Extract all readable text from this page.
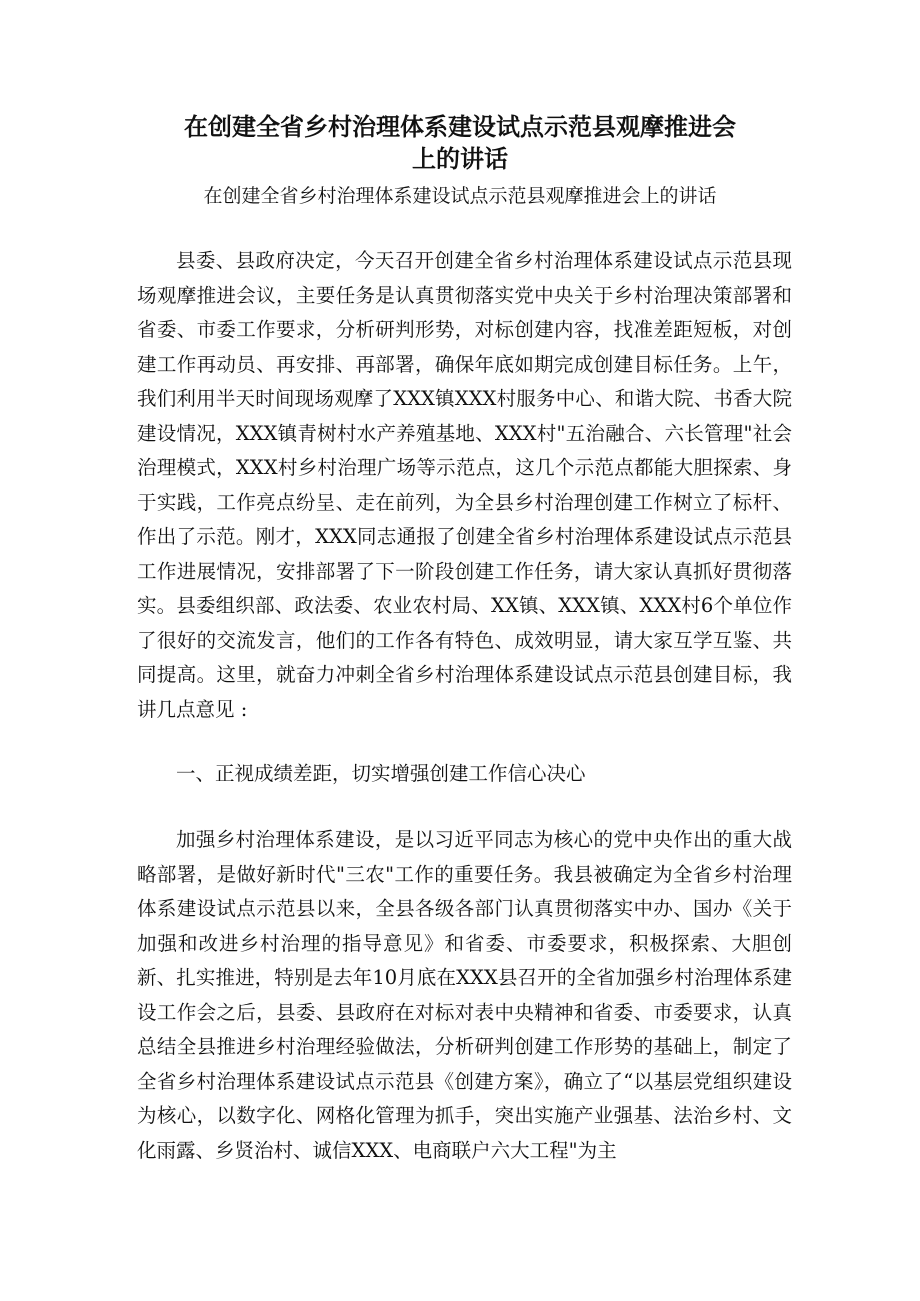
在创建全省乡村治理体系建设试点示范县观摩推进会
上的讲话

在创建全省乡村治理体系建设试点示范县观摩推进会上的讲话

县委、县政府决定，今天召开创建全省乡村治理体系建设试点示范县现场观摩推进会议，主要任务是认真贯彻落实党中央关于乡村治理决策部署和省委、市委工作要求，分析研判形势，对标创建内容，找准差距短板，对创建工作再动员、再安排、再部署，确保年底如期完成创建目标任务。上午，我们利用半天时间现场观摩了XXX镇XXX村服务中心、和谐大院、书香大院建设情况，XXX镇青树村水产养殖基地、XXX村"五治融合、六长管理"社会治理模式，XXX村乡村治理广场等示范点，这几个示范点都能大胆探索、身于实践，工作亮点纷呈、走在前列，为全县乡村治理创建工作树立了标杆、作出了示范。刚才，XXX同志通报了创建全省乡村治理体系建设试点示范县工作进展情况，安排部署了下一阶段创建工作任务，请大家认真抓好贯彻落实。县委组织部、政法委、农业农村局、XX镇、XXX镇、XXX村6个单位作了很好的交流发言，他们的工作各有特色、成效明显，请大家互学互鉴、共同提高。这里，就奋力冲刺全省乡村治理体系建设试点示范县创建目标，我讲几点意见 :

一、正视成绩差距，切实增强创建工作信心决心

加强乡村治理体系建设，是以习近平同志为核心的党中央作出的重大战略部署，是做好新时代"三农"工作的重要任务。我县被确定为全省乡村治理体系建设试点示范县以来，全县各级各部门认真贯彻落实中办、国办《关于加强和改进乡村治理的指导意见》和省委、市委要求，积极探索、大胆创新、扎实推进，特别是去年10月底在XXX县召开的全省加强乡村治理体系建设工作会之后，县委、县政府在对标对表中央精神和省委、市委要求，认真总结全县推进乡村治理经验做法，分析研判创建工作形势的基础上，制定了全省乡村治理体系建设试点示范县《创建方案》，确立了“以基层党组织建设为核心，以数字化、网格化管理为抓手，突出实施产业强基、法治乡村、文化雨露、乡贤治村、诚信XXX、电商联户六大工程"为主
